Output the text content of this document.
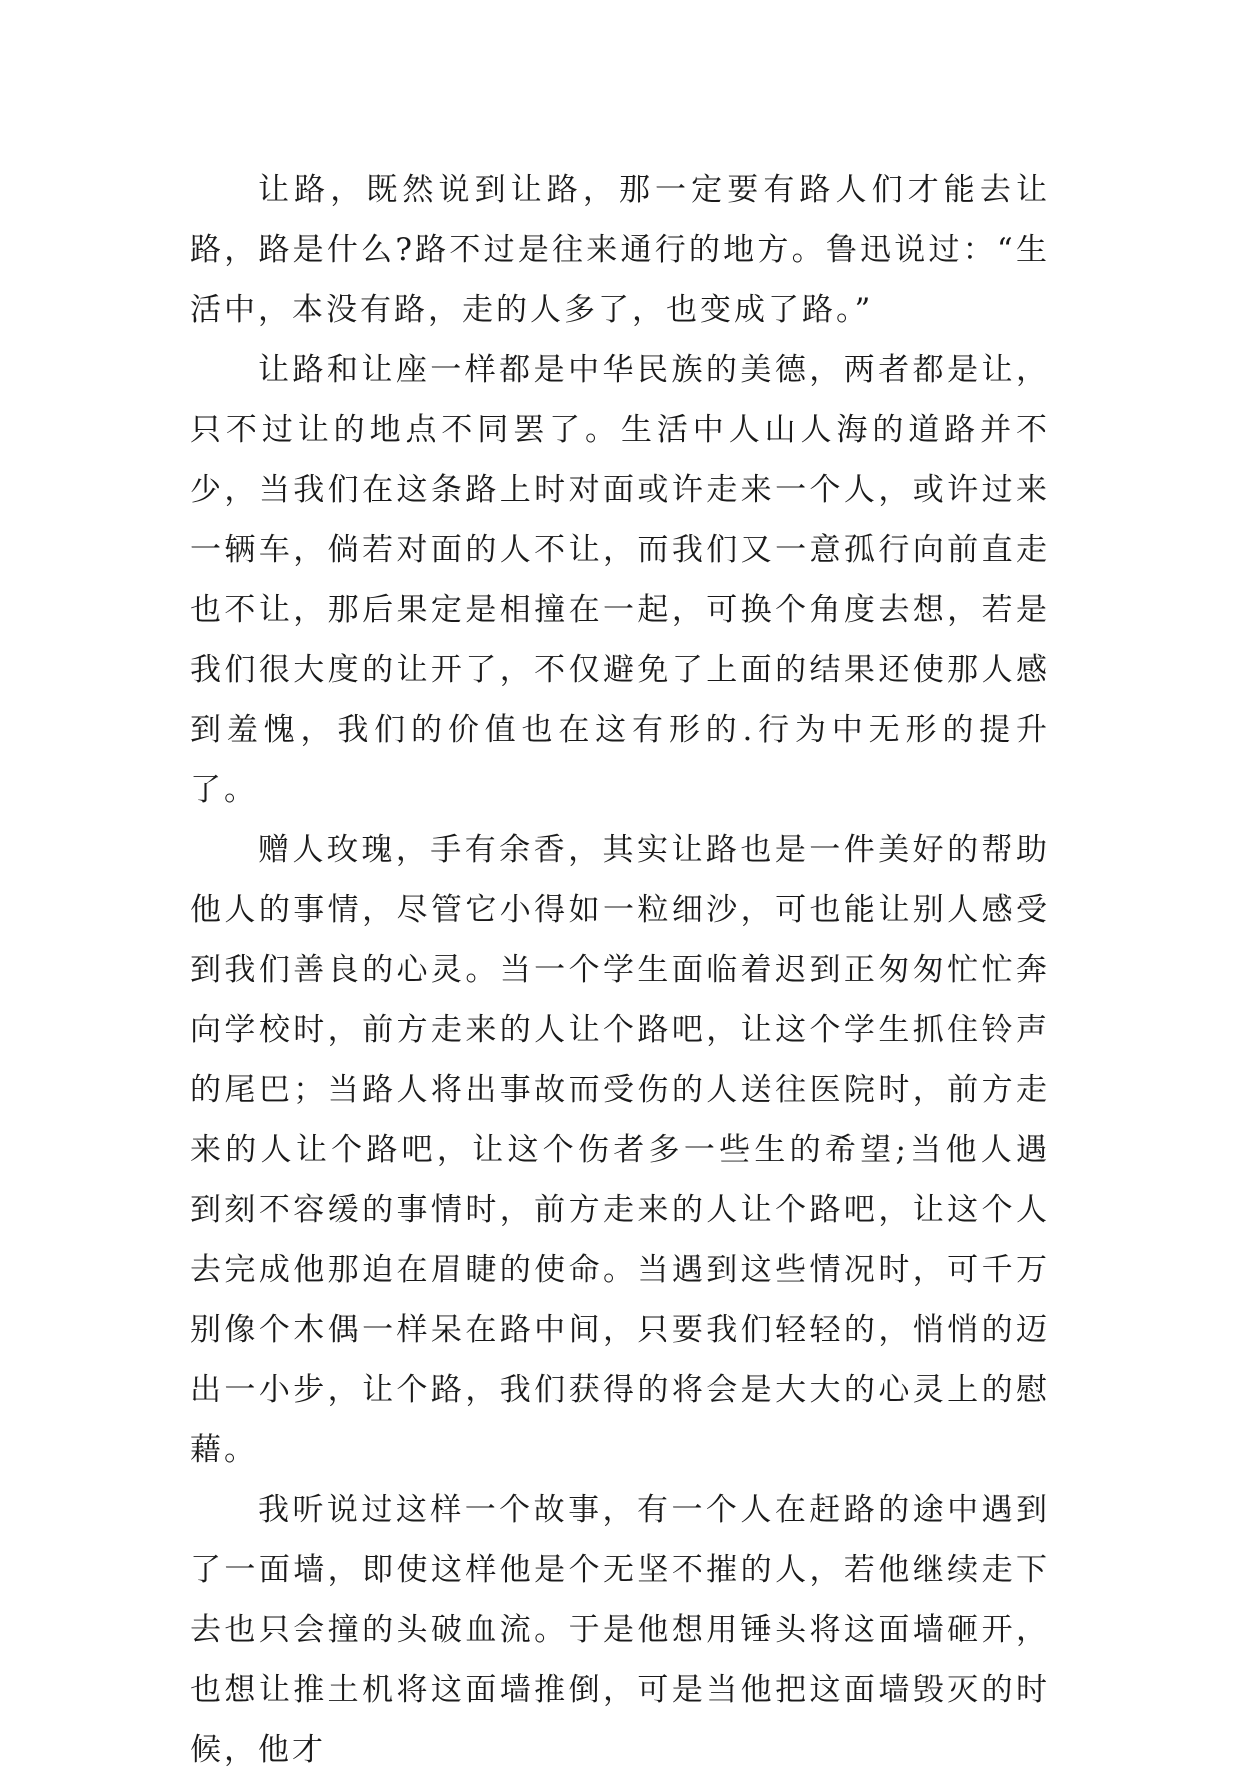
让路，既然说到让路，那一定要有路人们才能去让路，路是什么?路不过是往来通行的地方。鲁迅说过：“生活中，本没有路，走的人多了，也变成了路。”

让路和让座一样都是中华民族的美德，两者都是让，只不过让的地点不同罢了。生活中人山人海的道路并不少，当我们在这条路上时对面或许走来一个人，或许过来一辆车，倘若对面的人不让，而我们又一意孤行向前直走也不让，那后果定是相撞在一起，可换个角度去想，若是我们很大度的让开了，不仅避免了上面的结果还使那人感到羞愧，我们的价值也在这有形的.行为中无形的提升了。

赠人玫瑰，手有余香，其实让路也是一件美好的帮助他人的事情，尽管它小得如一粒细沙，可也能让别人感受到我们善良的心灵。当一个学生面临着迟到正匆匆忙忙奔向学校时，前方走来的人让个路吧，让这个学生抓住铃声的尾巴；当路人将出事故而受伤的人送往医院时，前方走来的人让个路吧，让这个伤者多一些生的希望;当他人遇到刻不容缓的事情时，前方走来的人让个路吧，让这个人去完成他那迫在眉睫的使命。当遇到这些情况时，可千万别像个木偶一样呆在路中间，只要我们轻轻的，悄悄的迈出一小步，让个路，我们获得的将会是大大的心灵上的慰藉。

我听说过这样一个故事，有一个人在赶路的途中遇到了一面墙，即使这样他是个无坚不摧的人，若他继续走下去也只会撞的头破血流。于是他想用锤头将这面墙砸开，也想让推土机将这面墙推倒，可是当他把这面墙毁灭的时候，他才
